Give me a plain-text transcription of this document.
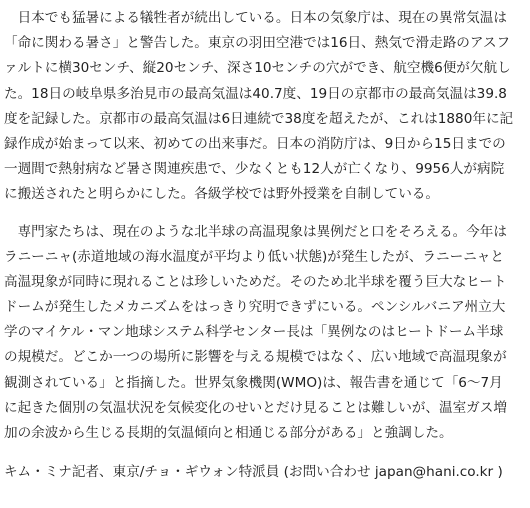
　日本でも猛暑による犠牲者が続出している。日本の気象庁は、現在の異常気温は
「命に関わる暑さ」と警告した。東京の羽田空港では16日、熱気で滑走路のアスフ
ァルトに横30センチ、縦20センチ、深さ10センチの穴ができ、航空機6便が欠航し
た。18日の岐阜県多治見市の最高気温は40.7度、19日の京都市の最高気温は39.8
度を記録した。京都市の最高気温は6日連続で38度を超えたが、これは1880年に記
録作成が始まって以来、初めての出来事だ。日本の消防庁は、9日から15日までの
一週間で熱射病など暑さ関連疾患で、少なくとも12人が亡くなり、9956人が病院
に搬送されたと明らかにした。各級学校では野外授業を自制している。
　専門家たちは、現在のような北半球の高温現象は異例だと口をそろえる。今年は
ラニーニャ(赤道地域の海水温度が平均より低い状態)が発生したが、ラニーニャと
高温現象が同時に現れることは珍しいためだ。そのため北半球を覆う巨大なヒート
ドームが発生したメカニズムをはっきり究明できずにいる。ペンシルバニア州立大
学のマイケル・マン地球システム科学センター長は「異例なのはヒートドーム半球
の規模だ。どこか一つの場所に影響を与える規模ではなく、広い地域で高温現象が
観測されている」と指摘した。世界気象機関(WMO)は、報告書を通じて「6～7月
に起きた個別の気温状況を気候変化のせいとだけ見ることは難しいが、温室ガス増
加の余波から生じる長期的気温傾向と相通じる部分がある」と強調した。
キム・ミナ記者、東京/チョ・ギウォン特派員 (お問い合わせ japan@hani.co.kr )
